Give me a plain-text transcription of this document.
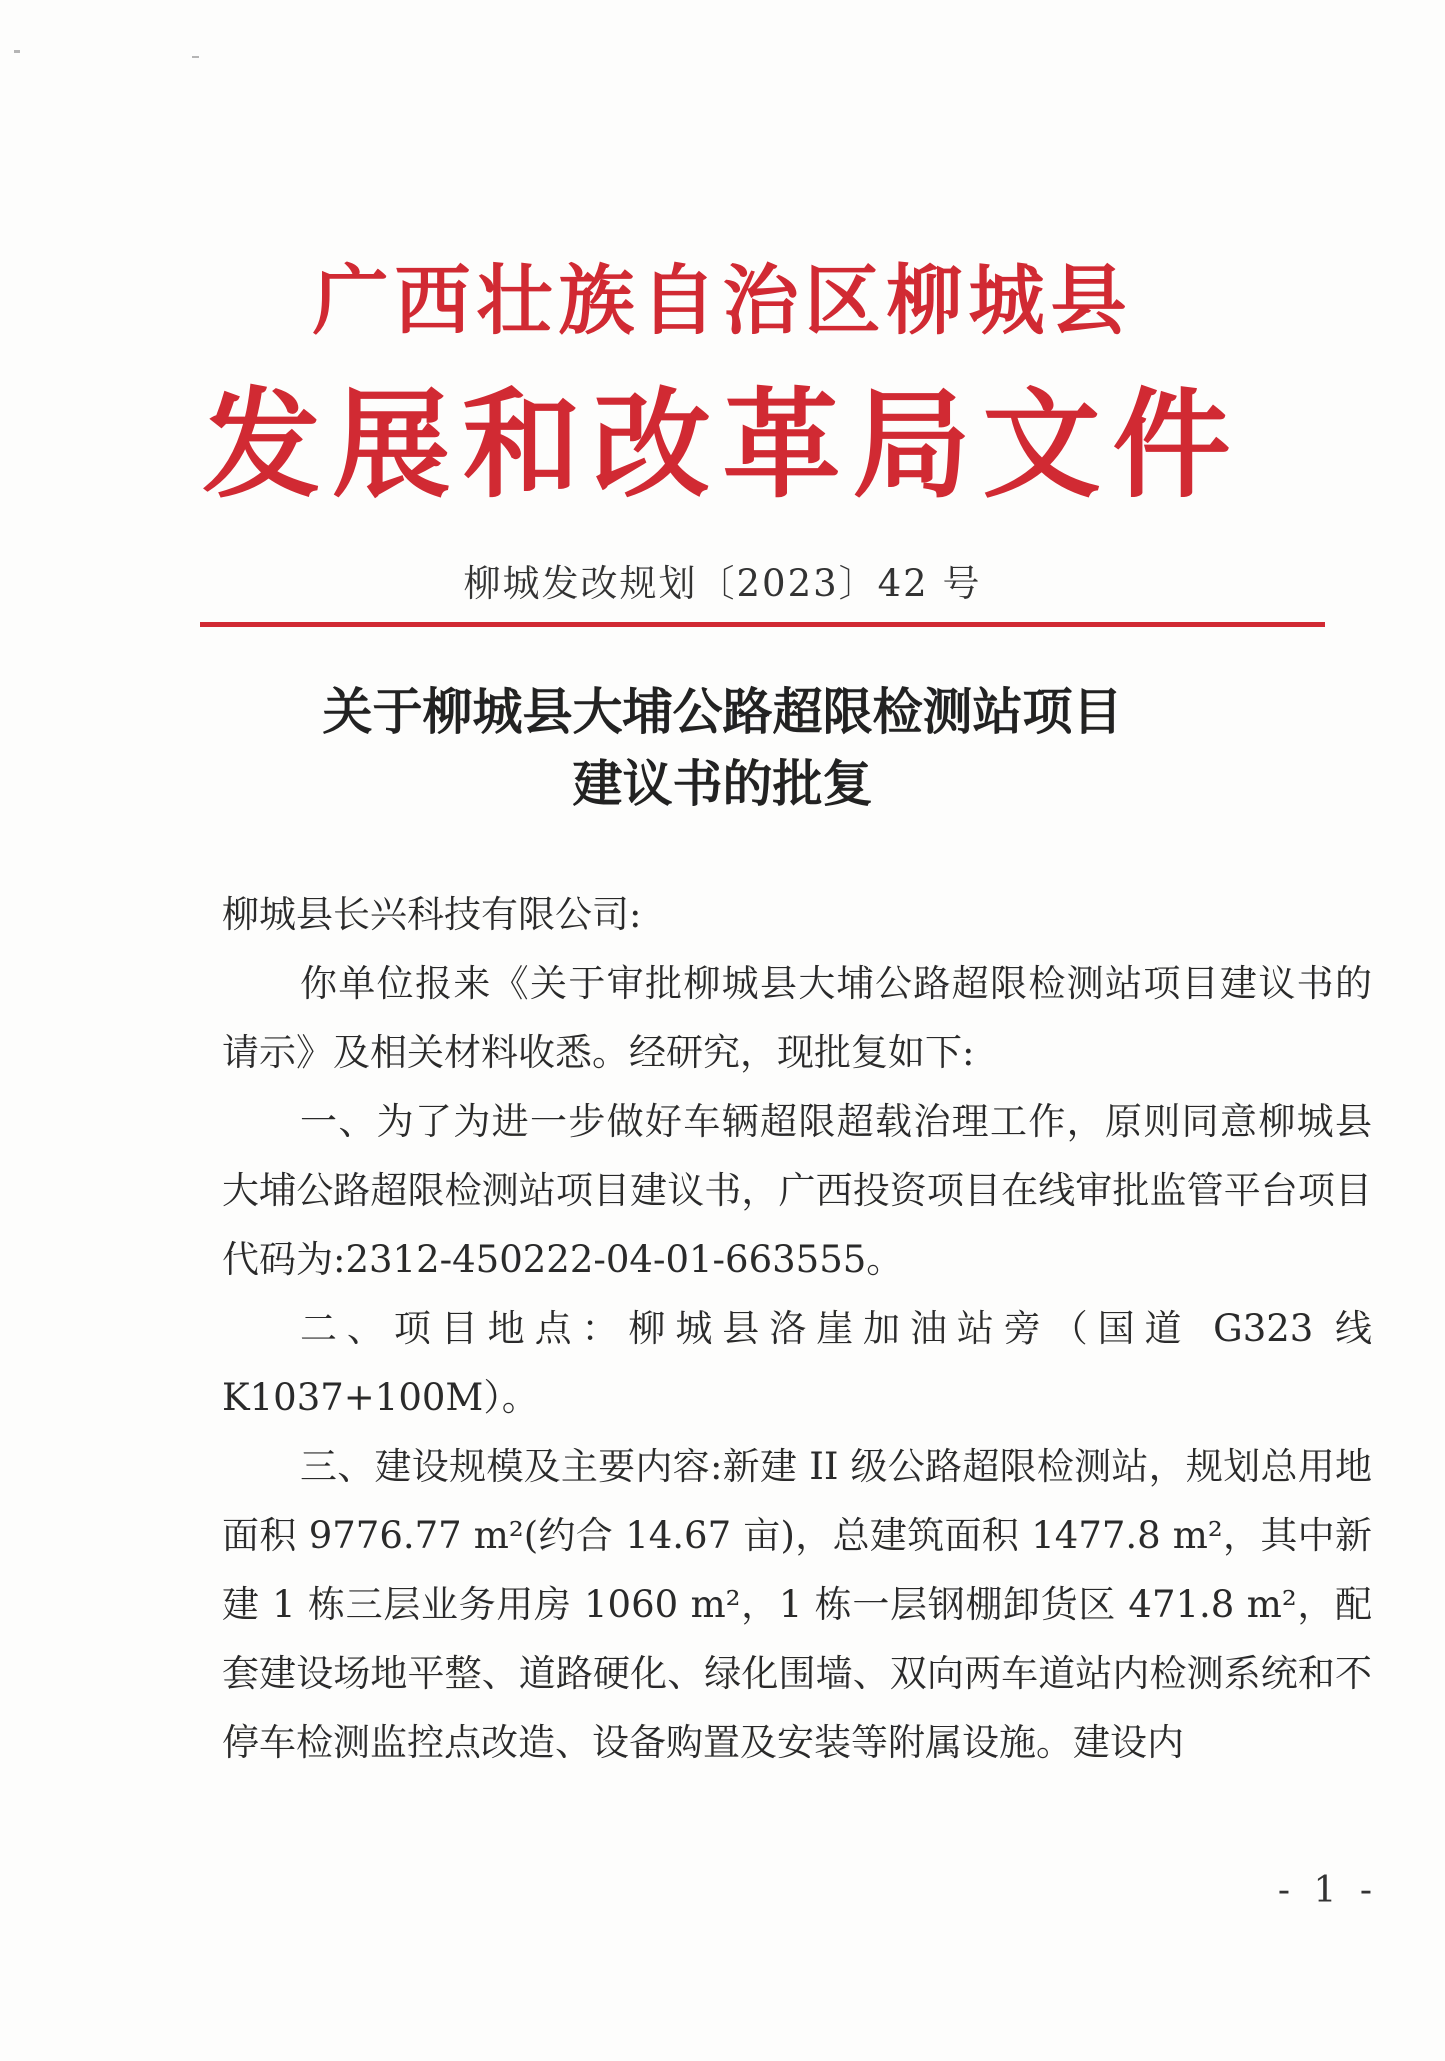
广西壮族自治区柳城县
发展和改革局文件
柳城发改规划〔2023〕42 号
关于柳城县大埔公路超限检测站项目
建议书的批复

柳城县长兴科技有限公司:

你单位报来《关于审批柳城县大埔公路超限检测站项目建议书的请示》及相关材料收悉。经研究，现批复如下:

一、为了为进一步做好车辆超限超载治理工作，原则同意柳城县大埔公路超限检测站项目建议书，广西投资项目在线审批监管平台项目代码为:2312-450222-04-01-663555。

二、项目地点：柳城县洛崖加油站旁（国道 G323 线 K1037+100M）。

三、建设规模及主要内容:新建 II 级公路超限检测站，规划总用地面积 9776.77 m²(约合 14.67 亩)，总建筑面积 1477.8 m²，其中新建 1 栋三层业务用房 1060 m²，1 栋一层钢棚卸货区 471.8 m²，配套建设场地平整、道路硬化、绿化围墙、双向两车道站内检测系统和不停车检测监控点改造、设备购置及安装等附属设施。建设内

- 1 -
